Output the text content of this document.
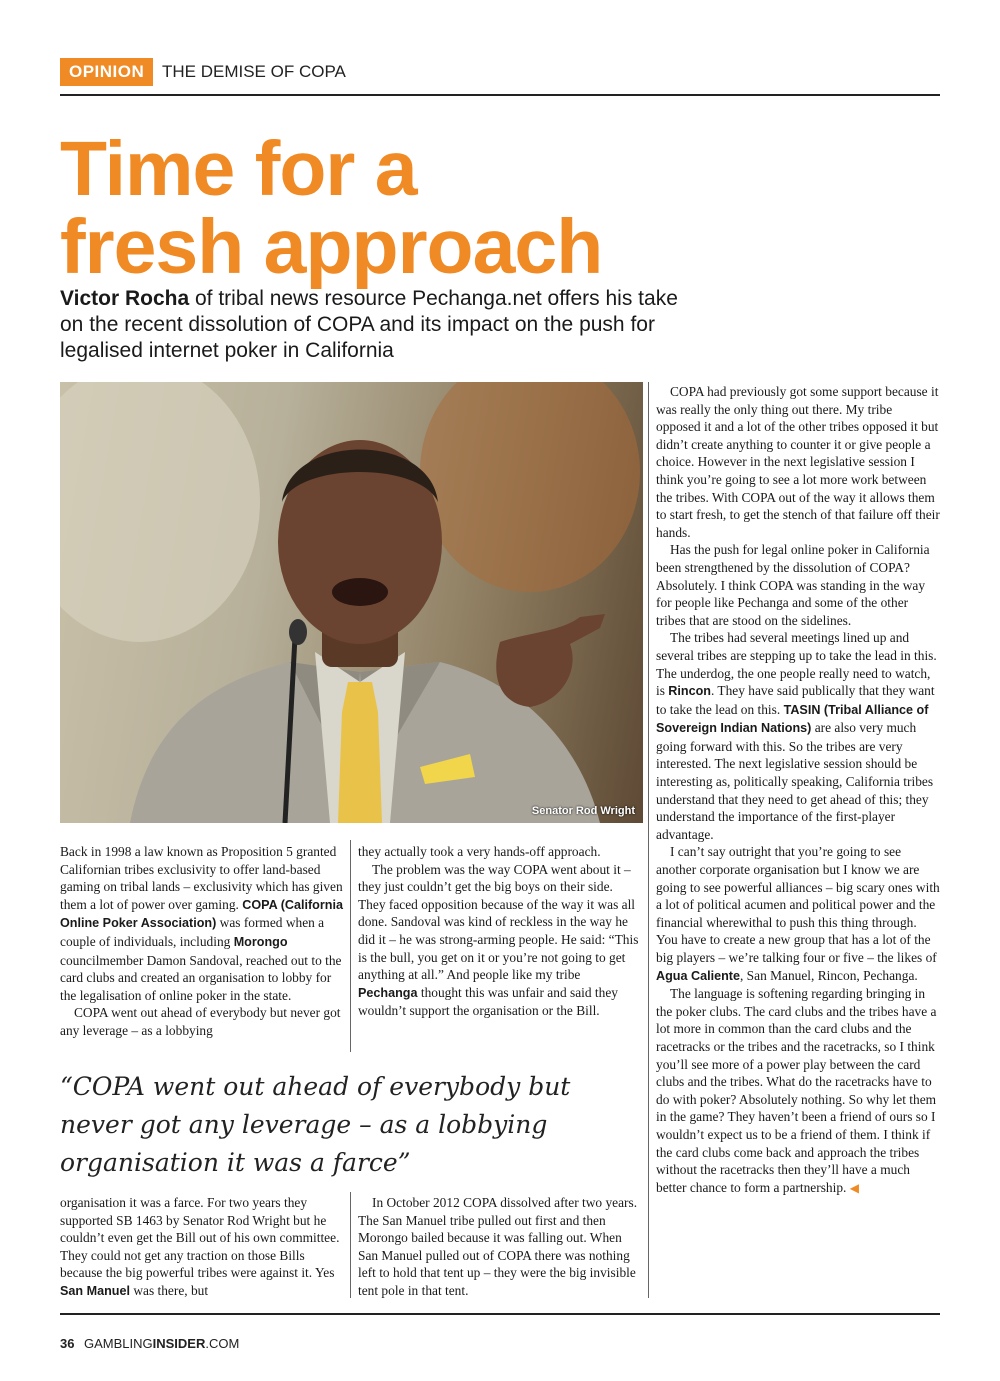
OPINION	THE DEMISE OF COPA
Time for a
fresh approach
Victor Rocha of tribal news resource Pechanga.net offers his take on the recent dissolution of COPA and its impact on the push for legalised internet poker in California
Senator Rod Wright

Back in 1998 a law known as Proposition 5 granted Californian tribes exclusivity to offer land-based gaming on tribal lands – exclusivity which has given them a lot of power over gaming. COPA (California Online Poker Association) was formed when a couple of individuals, including Morongo councilmember Damon Sandoval, reached out to the card clubs and created an organisation to lobby for the legalisation of online poker in the state.

COPA went out ahead of everybody but never got any leverage – as a lobbying

they actually took a very hands-off approach.

The problem was the way COPA went about it – they just couldn’t get the big boys on their side. They faced opposition because of the way it was all done. Sandoval was kind of reckless in the way he did it – he was strong-arming people. He said: “This is the bull, you get on it or you’re not going to get anything at all.” And people like my tribe Pechanga thought this was unfair and said they wouldn’t support the organisation or the Bill.

“COPA went out ahead of everybody but never got any leverage – as a lobbying organisation it was a farce”

organisation it was a farce. For two years they supported SB 1463 by Senator Rod Wright but he couldn’t even get the Bill out of his own committee. They could not get any traction on those Bills because the big powerful tribes were against it. Yes San Manuel was there, but

In October 2012 COPA dissolved after two years. The San Manuel tribe pulled out first and then Morongo bailed because it was falling out. When San Manuel pulled out of COPA there was nothing left to hold that tent up – they were the big invisible tent pole in that tent.

COPA had previously got some support because it was really the only thing out there. My tribe opposed it and a lot of the other tribes opposed it but didn’t create anything to counter it or give people a choice. However in the next legislative session I think you’re going to see a lot more work between the tribes. With COPA out of the way it allows them to start fresh, to get the stench of that failure off their hands.

Has the push for legal online poker in California been strengthened by the dissolution of COPA? Absolutely. I think COPA was standing in the way for people like Pechanga and some of the other tribes that are stood on the sidelines.

The tribes had several meetings lined up and several tribes are stepping up to take the lead in this. The underdog, the one people really need to watch, is Rincon. They have said publically that they want to take the lead on this. TASIN (Tribal Alliance of Sovereign Indian Nations) are also very much going forward with this. So the tribes are very interested. The next legislative session should be interesting as, politically speaking, California tribes understand that they need to get ahead of this; they understand the importance of the first-player advantage.

I can’t say outright that you’re going to see another corporate organisation but I know we are going to see powerful alliances – big scary ones with a lot of political acumen and political power and the financial wherewithal to push this thing through. You have to create a new group that has a lot of the big players – we’re talking four or five – the likes of Agua Caliente, San Manuel, Rincon, Pechanga.

The language is softening regarding bringing in the poker clubs. The card clubs and the tribes have a lot more in common than the card clubs and the racetracks or the tribes and the racetracks, so I think you’ll see more of a power play between the card clubs and the tribes. What do the racetracks have to do with poker? Absolutely nothing. So why let them in the game? They haven’t been a friend of ours so I wouldn’t expect us to be a friend of them. I think if the card clubs come back and approach the tribes without the racetracks then they’ll have a much better chance to form a partnership. ◀

36 GAMBLINGINSIDER.COM
